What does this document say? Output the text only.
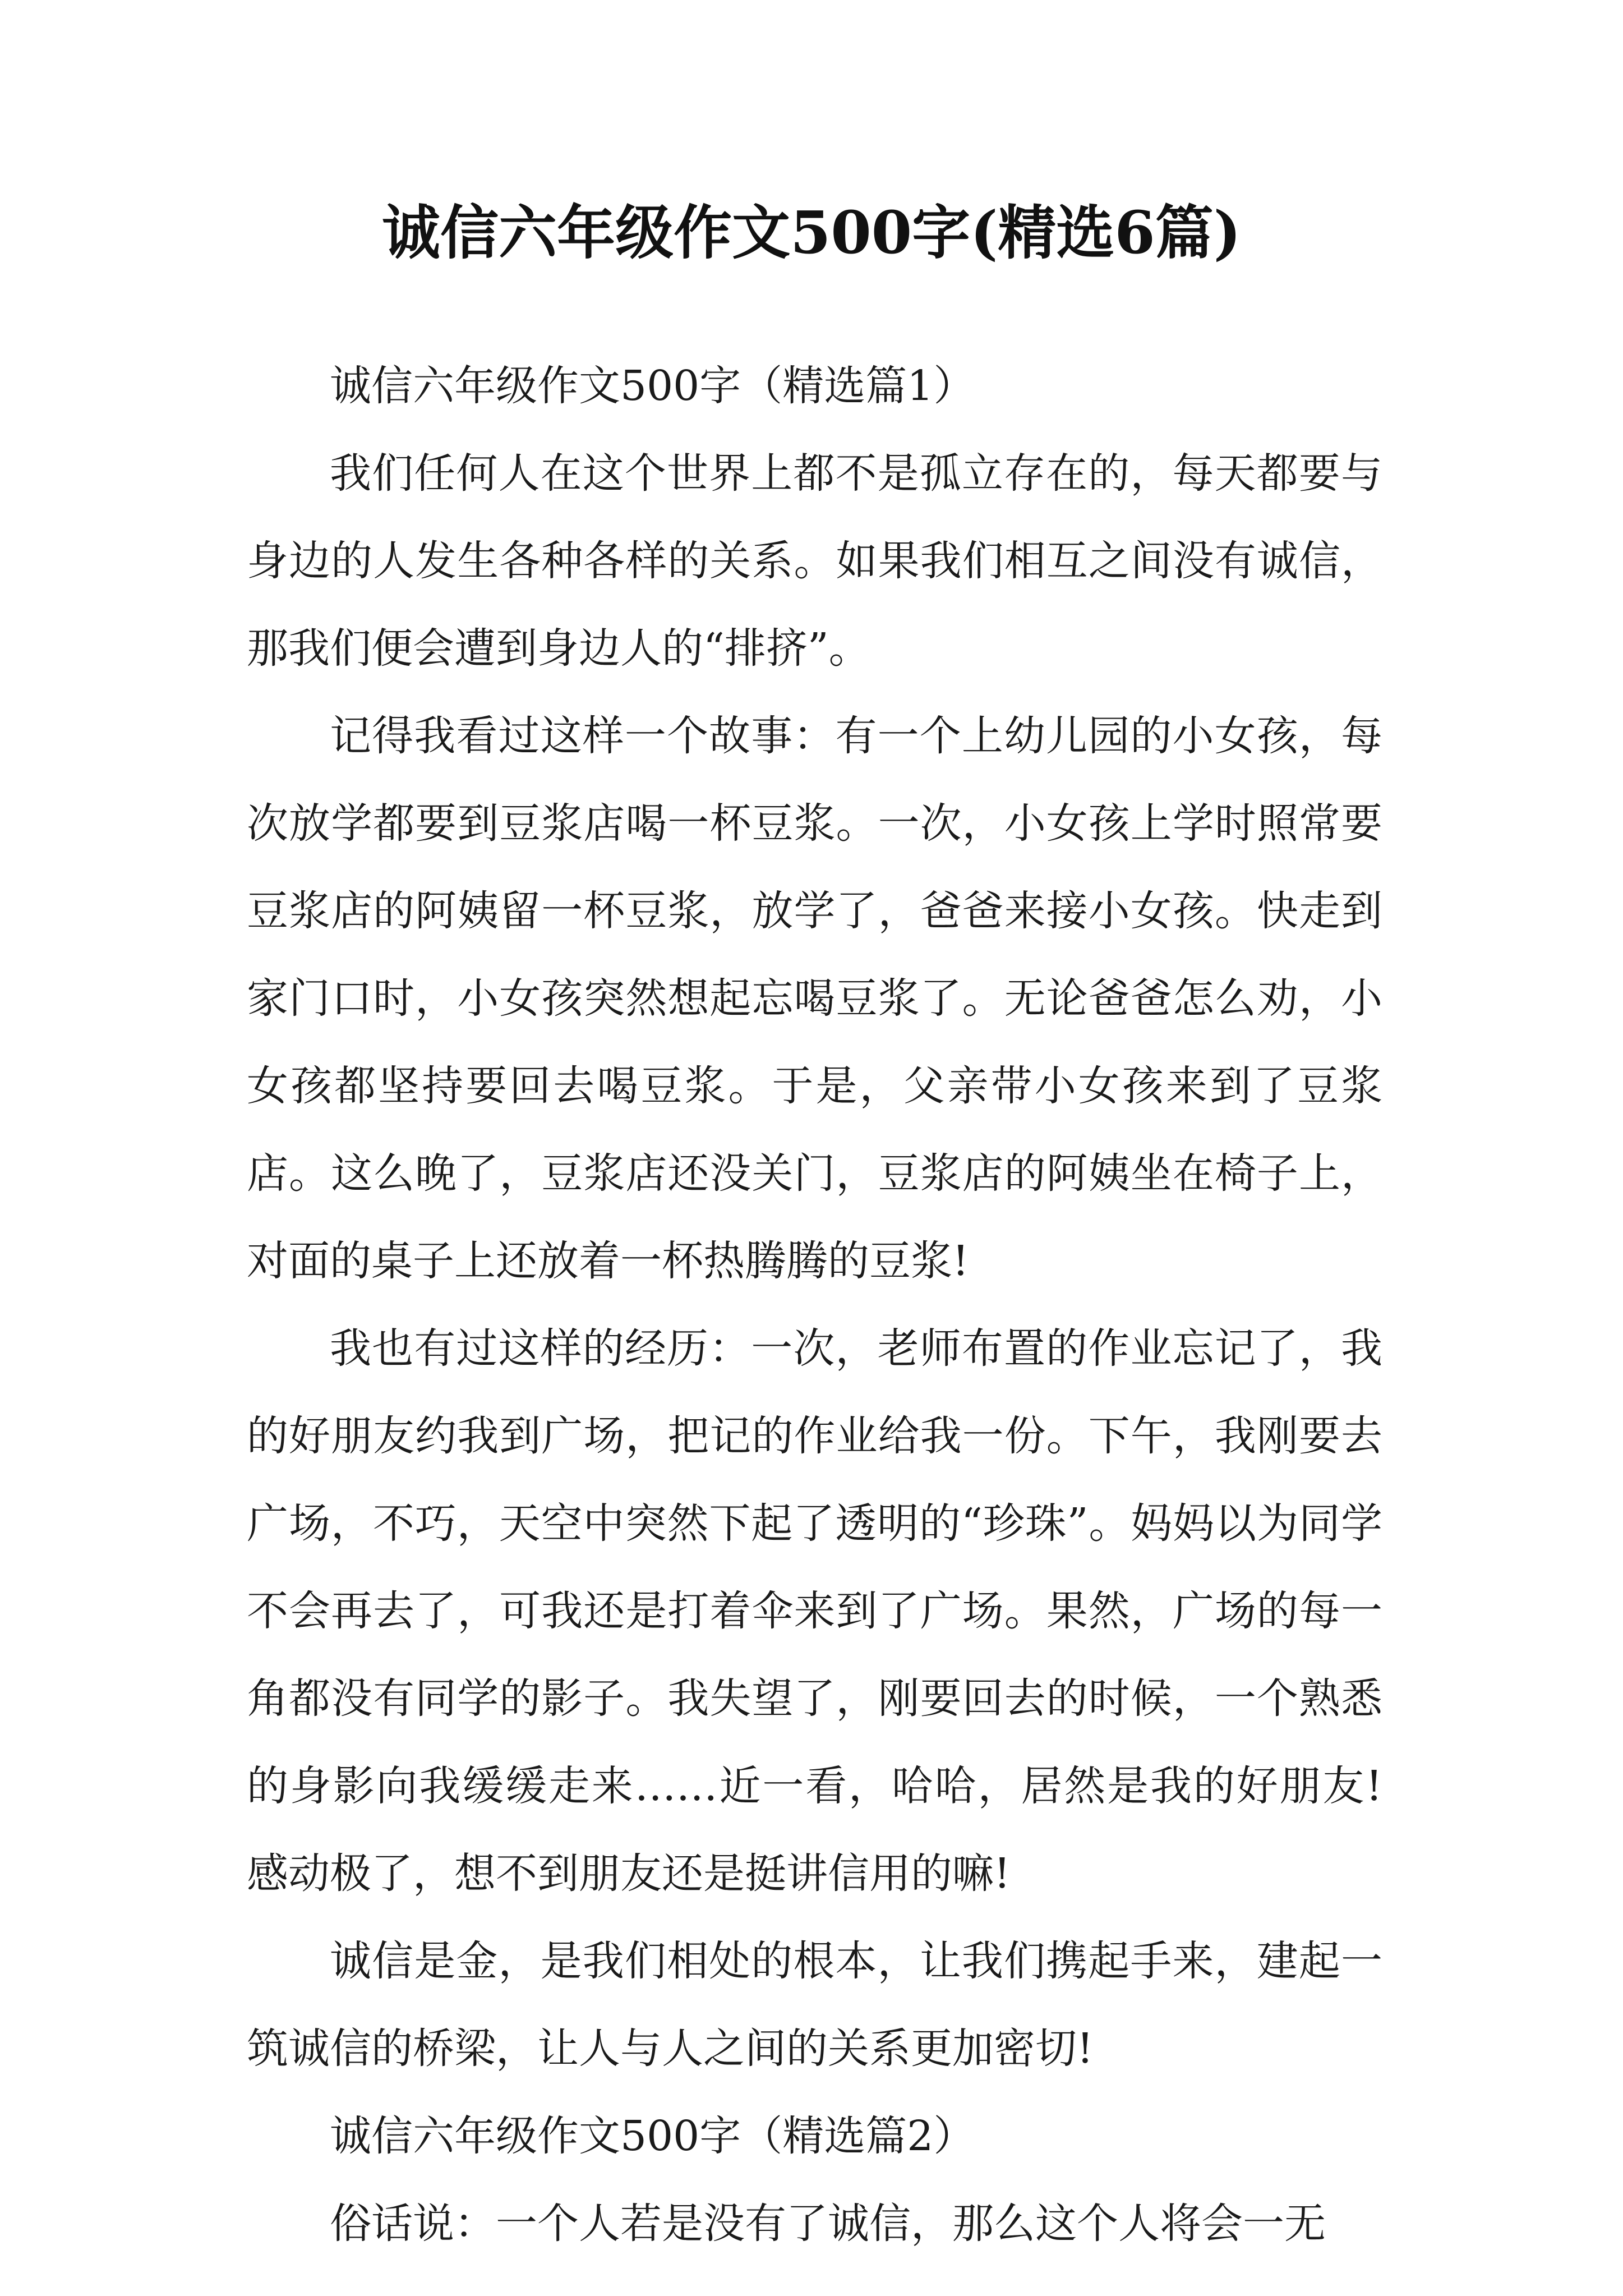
诚信六年级作文500字(精选6篇)

诚信六年级作文500字（精选篇1）

我们任何人在这个世界上都不是孤立存在的，每天都要与身边的人发生各种各样的关系。如果我们相互之间没有诚信，那我们便会遭到身边人的“排挤”。

记得我看过这样一个故事：有一个上幼儿园的小女孩，每次放学都要到豆浆店喝一杯豆浆。一次，小女孩上学时照常要豆浆店的阿姨留一杯豆浆，放学了，爸爸来接小女孩。快走到家门口时，小女孩突然想起忘喝豆浆了。无论爸爸怎么劝，小女孩都坚持要回去喝豆浆。于是，父亲带小女孩来到了豆浆店。这么晚了，豆浆店还没关门，豆浆店的阿姨坐在椅子上，对面的桌子上还放着一杯热腾腾的豆浆!

我也有过这样的经历：一次，老师布置的作业忘记了，我的好朋友约我到广场，把记的作业给我一份。下午，我刚要去广场，不巧，天空中突然下起了透明的“珍珠”。妈妈以为同学不会再去了，可我还是打着伞来到了广场。果然，广场的每一角都没有同学的影子。我失望了，刚要回去的时候，一个熟悉的身影向我缓缓走来……近一看，哈哈，居然是我的好朋友!感动极了，想不到朋友还是挺讲信用的嘛!

诚信是金，是我们相处的根本，让我们携起手来，建起一筑诚信的桥梁，让人与人之间的关系更加密切!

诚信六年级作文500字（精选篇2）

俗话说：一个人若是没有了诚信，那么这个人将会一无
